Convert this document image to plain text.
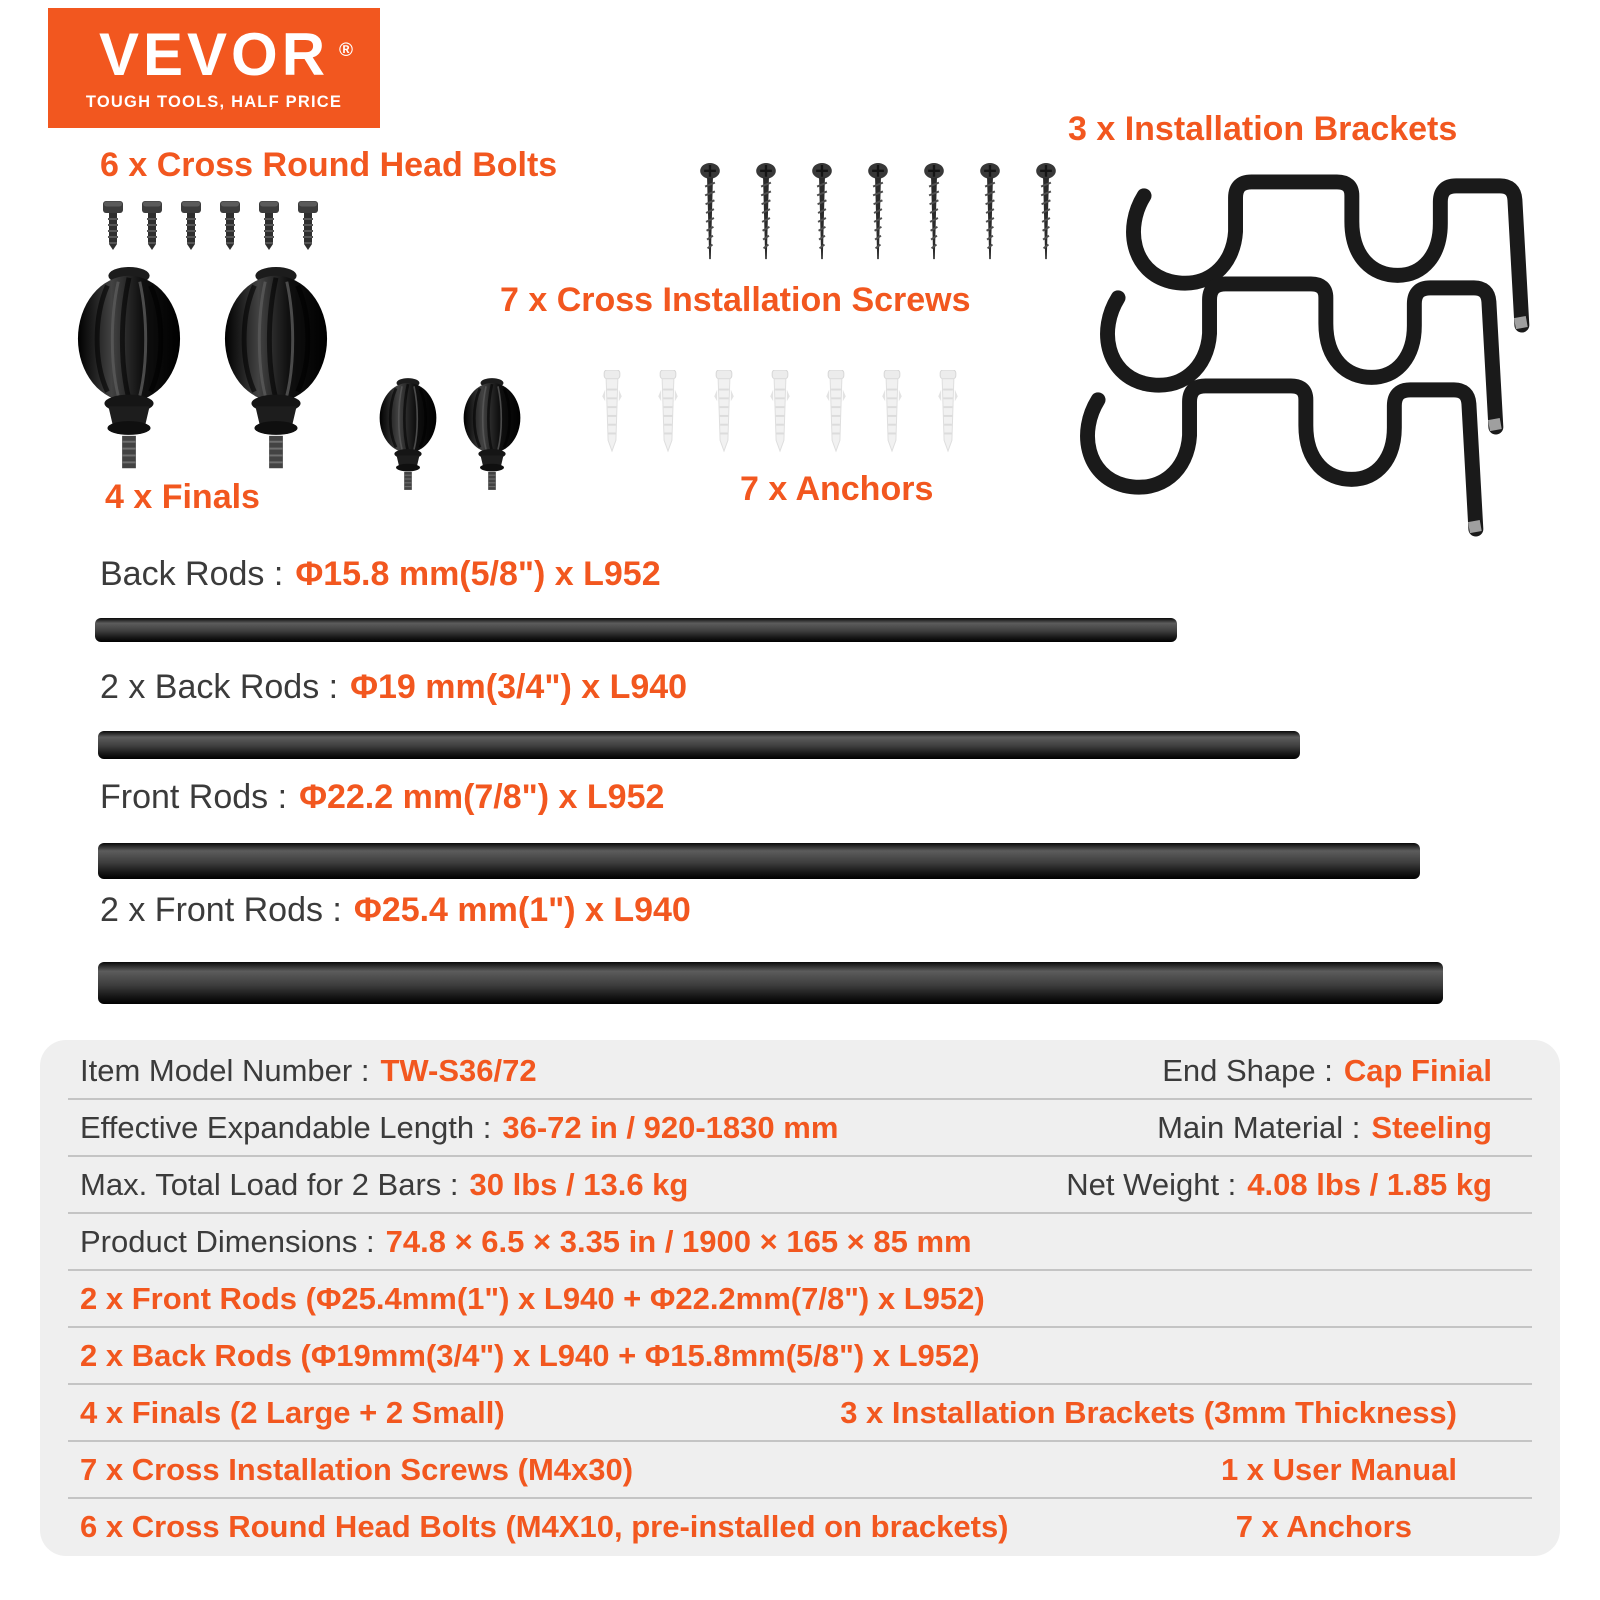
VEVOR ®
TOUGH TOOLS, HALF PRICE
6 x Cross Round Head Bolts
3 x Installation Brackets
7 x Cross Installation Screws
4 x Finals	7 x Anchors
Back Rods : Φ15.8 mm(5/8") x L952
2 x Back Rods : Φ19 mm(3/4") x L940
Front Rods : Φ22.2 mm(7/8") x L952
2 x Front Rods : Φ25.4 mm(1") x L940
Item Model Number : TW-S36/72	End Shape : Cap Finial
Effective Expandable Length : 36-72 in / 920-1830 mm	Main Material : Steeling
Max. Total Load for 2 Bars : 30 lbs / 13.6 kg	Net Weight : 4.08 lbs / 1.85 kg
Product Dimensions : 74.8 × 6.5 × 3.35 in / 1900 × 165 × 85 mm
2 x Front Rods (Φ25.4mm(1") x L940 + Φ22.2mm(7/8") x L952)
2 x Back Rods (Φ19mm(3/4") x L940 + Φ15.8mm(5/8") x L952)
4 x Finals (2 Large + 2 Small)	3 x Installation Brackets (3mm Thickness)
7 x Cross Installation Screws (M4x30)	1 x User Manual
6 x Cross Round Head Bolts (M4X10, pre-installed on brackets)	7 x Anchors
